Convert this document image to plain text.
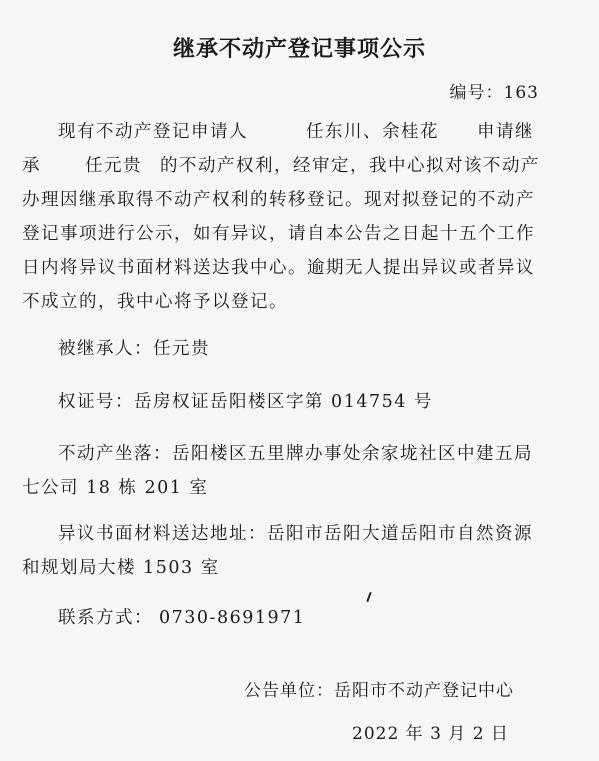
继承不动产登记事项公示
编号：163
现有不动产登记申请人	任东川、余桂花 申请继
承	任元贵 的不动产权利，经审定，我中心拟对该不动产
办理因继承取得不动产权利的转移登记。现对拟登记的不动产
登记事项进行公示，如有异议，请自本公告之日起十五个工作
日内将异议书面材料送达我中心。逾期无人提出异议或者异议
不成立的，我中心将予以登记。
被继承人：任元贵
权证号：岳房权证岳阳楼区字第 014754 号
不动产坐落：岳阳楼区五里牌办事处余家垅社区中建五局
七公司 18 栋 201 室
异议书面材料送达地址：岳阳市岳阳大道岳阳市自然资源
和规划局大楼 1503 室
联系方式： 0730-8691971
公告单位：岳阳市不动产登记中心
2022 年 3 月 2 日
